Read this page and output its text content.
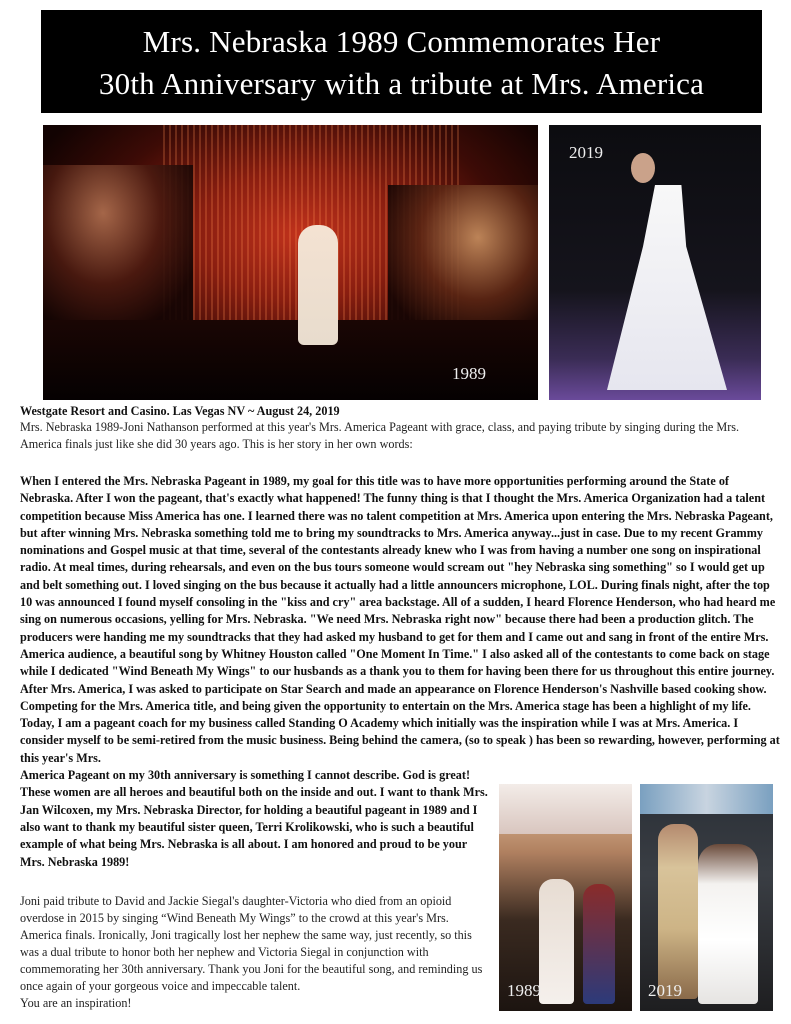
Mrs. Nebraska 1989 Commemorates Her
30th Anniversary with a tribute at Mrs. America
1989
2019
Westgate Resort and Casino. Las Vegas NV ~ August 24, 2019
Mrs. Nebraska 1989-Joni Nathanson performed at this year's Mrs. America Pageant with grace, class, and paying tribute by singing during the Mrs. America finals just like she did 30 years ago. This is her story in her own words:
When I entered the Mrs. Nebraska Pageant in 1989, my goal for this title was to have more opportunities performing around the State of Nebraska. After I won the pageant, that's exactly what happened! The funny thing is that I thought the Mrs. America Organization had a talent competition because Miss America has one. I learned there was no talent competition at Mrs. America upon entering the Mrs. Nebraska Pageant, but after winning Mrs. Nebraska something told me to bring my soundtracks to Mrs. America anyway...just in case. Due to my recent Grammy nominations and Gospel music at that time, several of the contestants already knew who I was from having a number one song on inspirational radio. At meal times, during rehearsals, and even on the bus tours someone would scream out "hey Nebraska sing something" so I would get up and belt something out. I loved singing on the bus because it actually had a little announcers microphone, LOL. During finals night, after the top 10 was announced I found myself consoling in the "kiss and cry" area backstage. All of a sudden, I heard Florence Henderson, who had heard me sing on numerous occasions, yelling for Mrs. Nebraska. "We need Mrs. Nebraska right now" because there had been a production glitch. The producers were handing me my soundtracks that they had asked my husband to get for them and I came out and sang in front of the entire Mrs. America audience, a beautiful song by Whitney Houston called "One Moment In Time." I also asked all of the contestants to come back on stage while I dedicated "Wind Beneath My Wings" to our husbands as a thank you to them for having been there for us throughout this entire journey. After Mrs. America, I was asked to participate on Star Search and made an appearance on Florence Henderson's Nashville based cooking show. Competing for the Mrs. America title, and being given the opportunity to entertain on the Mrs. America stage has been a highlight of my life. Today, I am a pageant coach for my business called Standing O Academy which initially was the inspiration while I was at Mrs. America. I consider myself to be semi-retired from the music business. Being behind the camera, (so to speak ) has been so rewarding, however, performing at this year's Mrs.
America Pageant on my 30th anniversary is something I cannot describe. God is great! These women are all heroes and beautiful both on the inside and out. I want to thank Mrs. Jan Wilcoxen, my Mrs. Nebraska Director, for holding a beautiful pageant in 1989 and I also want to thank my beautiful sister queen, Terri Krolikowski, who is such a beautiful example of what being Mrs. Nebraska is all about. I am honored and proud to be your Mrs. Nebraska 1989!
Joni paid tribute to David and Jackie Siegal's daughter-Victoria who died from an opioid overdose in 2015 by singing “Wind Beneath My Wings” to the crowd at this year's Mrs. America finals. Ironically, Joni tragically lost her nephew the same way, just recently, so this was a dual tribute to honor both her nephew and Victoria Siegal in conjunction with commemorating her 30th anniversary. Thank you Joni for the beautiful song, and reminding us once again of your gorgeous voice and impeccable talent.
You are an inspiration!
1989	2019
